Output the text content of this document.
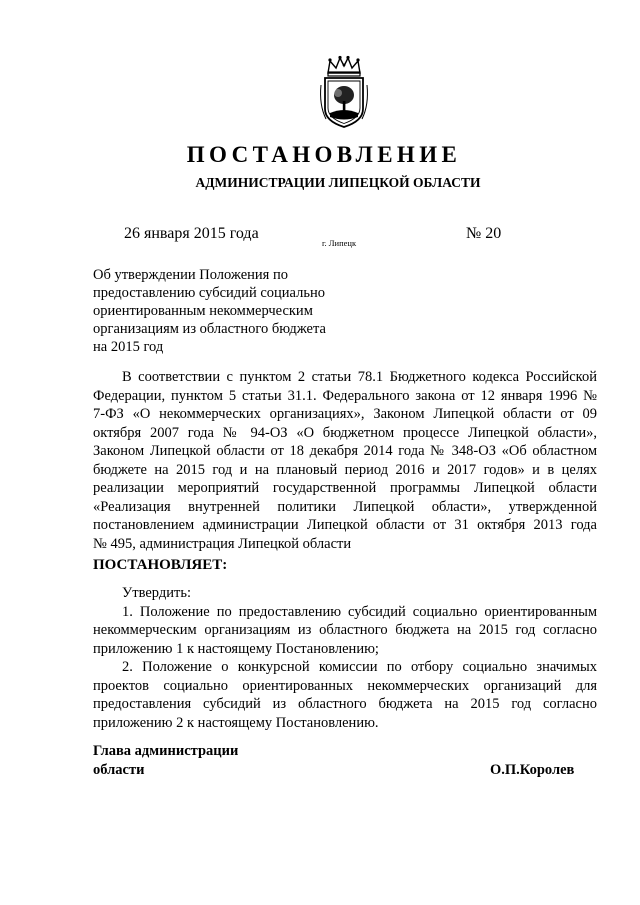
ПОСТАНОВЛЕНИЕ
АДМИНИСТРАЦИИ ЛИПЕЦКОЙ ОБЛАСТИ
26 января 2015 года
г. Липецк
№ 20
Об утверждении Положения по
предоставлению субсидий социально
ориентированным некоммерческим
организациям из областного бюджета
на 2015 год
В соответствии с пунктом 2 статьи 78.1 Бюджетного кодекса Российской
Федерации, пунктом 5 статьи 31.1. Федерального закона от 12 января 1996 №
7-ФЗ «О некоммерческих организациях», Законом Липецкой области от 09
октября 2007 года № 94-ОЗ «О бюджетном процессе Липецкой области»,
Законом Липецкой области от 18 декабря 2014 года № 348-ОЗ «Об областном
бюджете на 2015 год и на плановый период 2016 и 2017 годов» и в целях
реализации мероприятий государственной программы Липецкой области
«Реализация внутренней политики Липецкой области», утвержденной
постановлением администрации Липецкой области от 31 октября 2013 года
№ 495, администрация Липецкой области
ПОСТАНОВЛЯЕТ:
Утвердить:
1. Положение по предоставлению субсидий социально ориентированным
некоммерческим организациям из областного бюджета на 2015 год согласно
приложению 1 к настоящему Постановлению;
2. Положение о конкурсной комиссии по отбору социально значимых
проектов социально ориентированных некоммерческих организаций для
предоставления субсидий из областного бюджета на 2015 год согласно
приложению 2 к настоящему Постановлению.
Глава администрации
области	О.П.Королев
